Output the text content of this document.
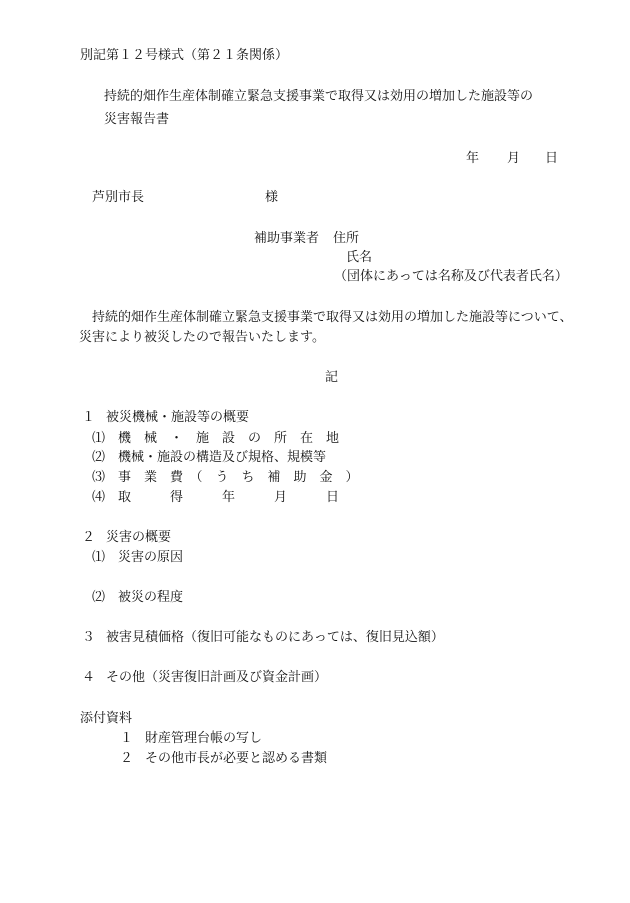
別記第１２号様式（第２１条関係）
持続的畑作生産体制確立緊急支援事業で取得又は効用の増加した施設等の
災害報告書
年 月 日
芦別市長	様
補助事業者 住所
氏名
（団体にあっては名称及び代表者氏名）
持続的畑作生産体制確立緊急支援事業で取得又は効用の増加した施設等について、
災害により被災したので報告いたします。
記
１ 被災機械・施設等の概要
⑴ 機　械　・　施　設　の　所　在　地
⑵ 機械・施設の構造及び規格、規模等
⑶ 事　業　費　（　う　ち　補　助　金　）
⑷ 取　　　得　　　年　　　月　　　日
２ 災害の概要
⑴ 災害の原因
⑵ 被災の程度
３ 被害見積価格（復旧可能なものにあっては、復旧見込額）
４ その他（災害復旧計画及び資金計画）
添付資料
１ 財産管理台帳の写し
２ その他市長が必要と認める書類
